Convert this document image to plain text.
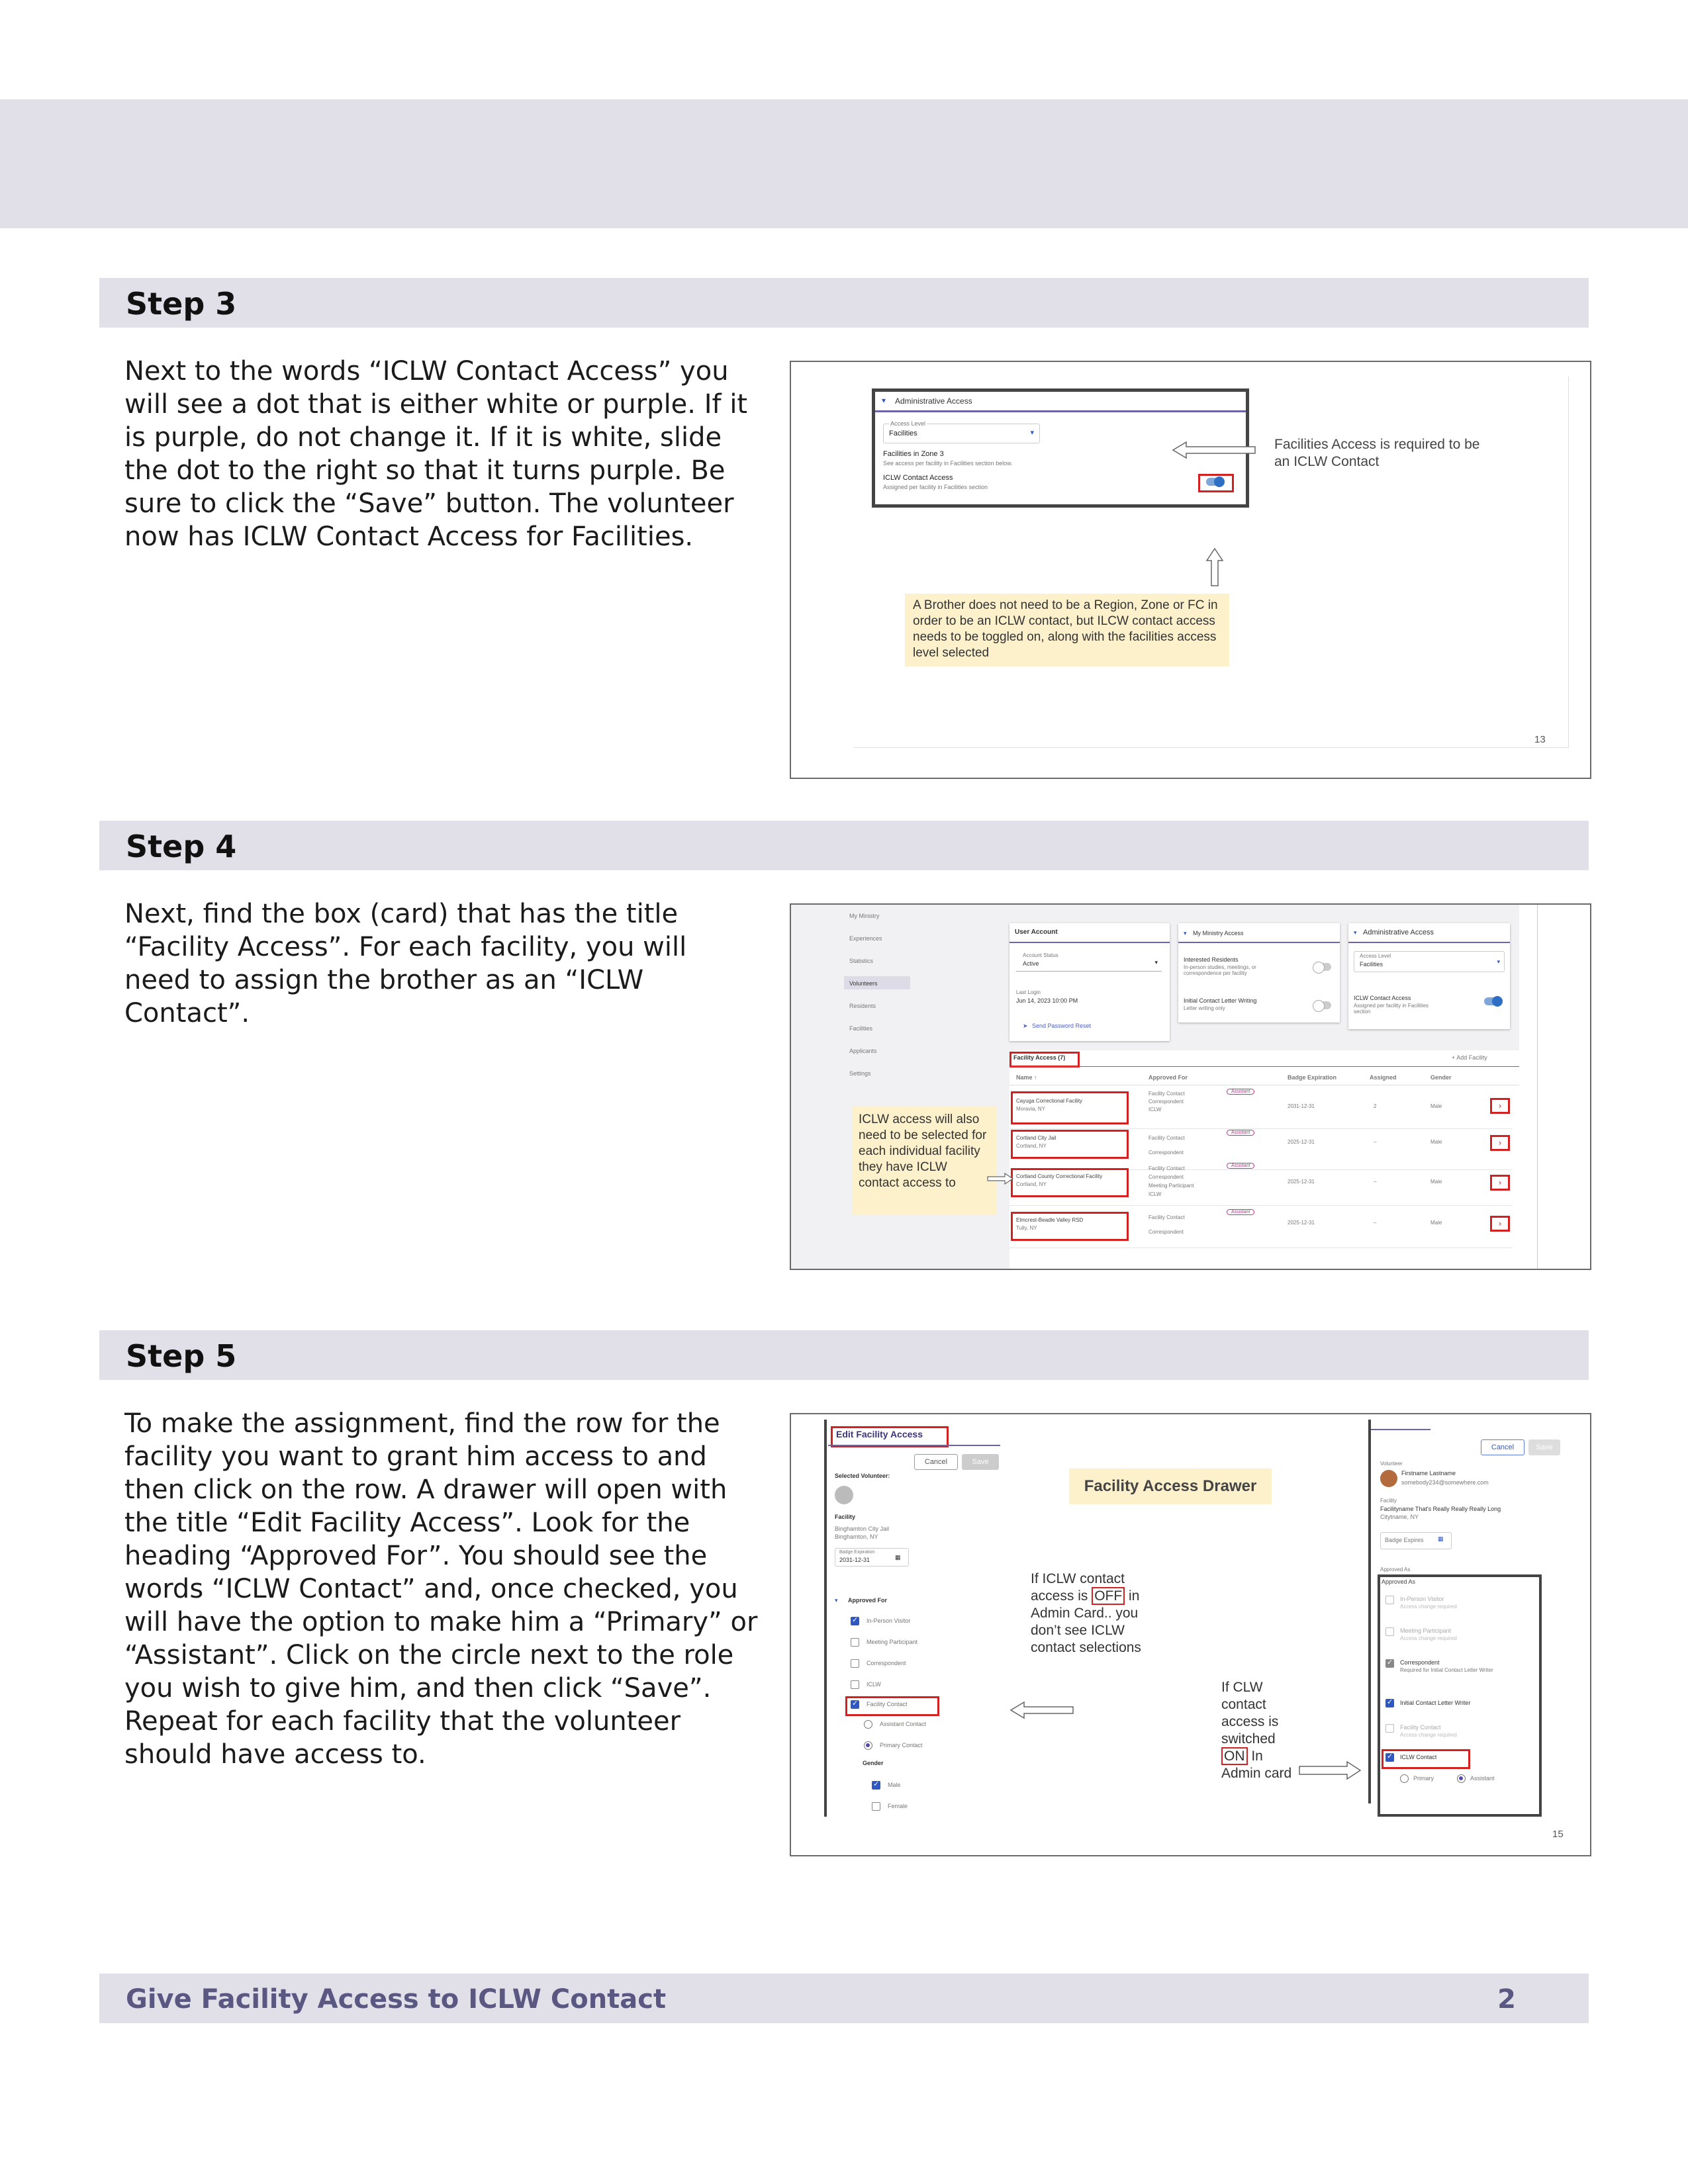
Step 3
Next to the words “ICLW Contact Access” you will see a dot that is either white or purple. If it is purple, do not change it. If it is white, slide the dot to the right so that it turns purple. Be sure to click the “Save” button. The volunteer now has ICLW Contact Access for Facilities.
▾ Administrative Access
Access Level
Facilities	▾
Facilities in Zone 3
See access per facility in Facilities section below.
ICLW Contact Access
Assigned per facility in Facilities section
Facilities Access is required to be an ICLW Contact
A Brother does not need to be a Region, Zone or FC in order to be an ICLW contact, but ILCW contact access needs to be toggled on, along with the facilities access level selected
13
Step 4
Next, find the box (card) that has the title “Facility Access”. For each facility, you will need to assign the brother as an “ICLW Contact”.
My Ministry
Experiences
Statistics
Volunteers
Residents
Facilities
Applicants
Settings
User Account
Account Status
Active	▾
Last Login
Jun 14, 2023 10:00 PM
➤ Send Password Reset
▾ My Ministry Access
Interested Residents
In-person studies, meetings, or correspondence per facility
Initial Contact Letter Writing
Letter writing only
▾ Administrative Access
Access Level
Facilities	▾
ICLW Contact Access
Assigned per facility in Facilities section
Facility Access (7)	+ Add Facility
Name ↑	Approved For	Badge Expiration	Assigned	Gender
Cayuga Correctional Facility
Moravia, NY
Facility Contact
Correspondent
ICLW
Assistant
2031-12-31	2	Male	›
Cortland City Jail
Cortland, NY
Facility Contact
Correspondent
Assistant
2025-12-31	–	Male	›
Cortland County Correctional Facility
Cortland, NY
Facility Contact
Correspondent
Meeting Participant
ICLW
Assistant
2025-12-31	–	Male	›
Elmcrest-Beadle Valley RSD
Tully, NY
Facility Contact
Correspondent
Assistant
2025-12-31	–	Male	›
ICLW access will also need to be selected for each individual facility they have ICLW contact access to
Step 5
To make the assignment, find the row for the facility you want to grant him access to and then click on the row. A drawer will open with the title “Edit Facility Access”. Look for the heading “Approved For”. You should see the words “ICLW Contact” and, once checked, you will have the option to make him a “Primary” or “Assistant”. Click on the circle next to the role you wish to give him, and then click “Save”. Repeat for each facility that the volunteer should have access to.
Edit Facility Access
Cancel	Save
Selected Volunteer:
Facility
Binghamton City Jail
Binghamton, NY
Badge Expiration
2031-12-31	▦
▾ Approved For
✓
In-Person Visitor
Meeting Participant
Correspondent
ICLW
✓
Facility Contact
Assistant Contact
Primary Contact
Gender
✓
Male
Female
Facility Access Drawer
If ICLW contact access is OFF in Admin Card.. you don’t see ICLW contact selections
If CLW contact access is switched ON In Admin card
Cancel	Save
Volunteer
Firstname Lastname
somebody234@somewhere.com
Facility
Facilityname That's Really Really Really Long
Citytname, NY
Badge Expires ▦
Approved As
Approved As
In-Person Visitor
Access change required
Meeting Participant
Access change required
✓
Correspondent
Required for Initial Contact Letter Writer
✓
Initial Contact Letter Writer
Facility Contact
Access change required
✓
ICLW Contact
Primary	Assistant
15
Give Facility Access to ICLW Contact	2
